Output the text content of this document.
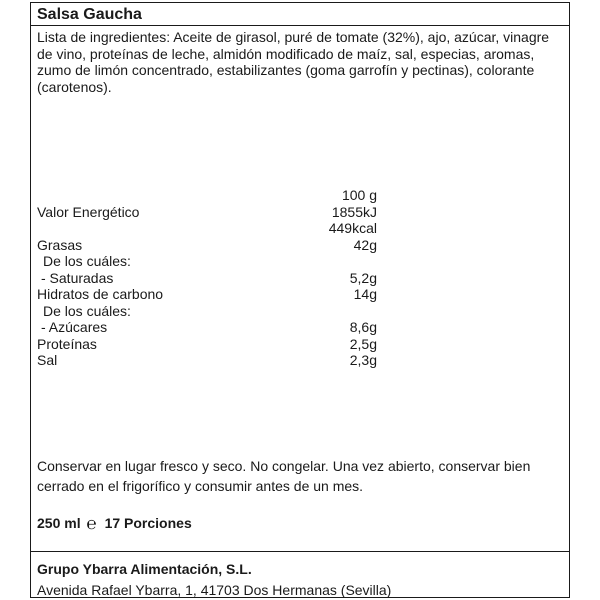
Salsa Gaucha
Lista de ingredientes: Aceite de girasol, puré de tomate (32%), ajo, azúcar, vinagre de vino, proteínas de leche, almidón modificado de maíz, sal, especias, aromas, zumo de limón concentrado, estabilizantes (goma garrofín y pectinas), colorante (carotenos).
100 g
Valor Energético	1855kJ
449kcal
Grasas	42g
De los cuáles:
- Saturadas	5,2g
Hidratos de carbono	14g
De los cuáles:
- Azúcares	8,6g
Proteínas	2,5g
Sal	2,3g
Conservar en lugar fresco y seco. No congelar. Una vez abierto, conservar bien cerrado en el frigorífico y consumir antes de un mes.
250 ml ℮ 17 Porciones
Grupo Ybarra Alimentación, S.L.
Avenida Rafael Ybarra, 1, 41703 Dos Hermanas (Sevilla)
